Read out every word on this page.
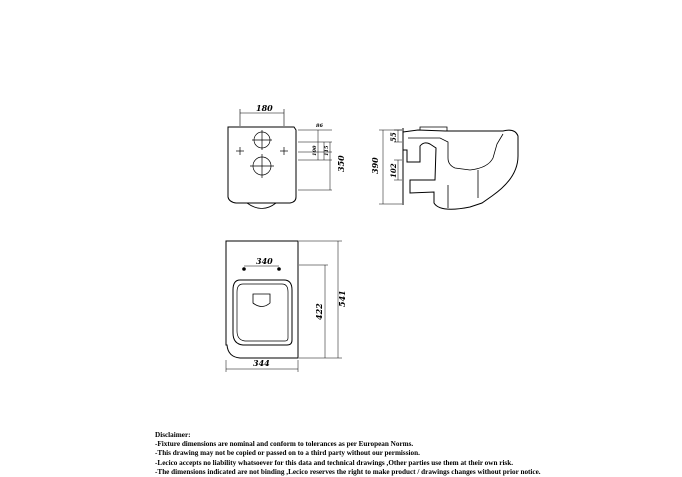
180
86
100 115
350	390
55
102
340
422
541
344
Disclaimer:
-Fixture dimensions are nominal and conform to tolerances as per European Norms.
-This drawing may not be copied or passed on to a third party without our permission.
-Lecico accepts no liability whatsoever for this data and technical drawings ,Other parties use them at their own risk.
-The dimensions indicated are not binding ,Lecico reserves the right to make product / drawings changes without prior notice.
